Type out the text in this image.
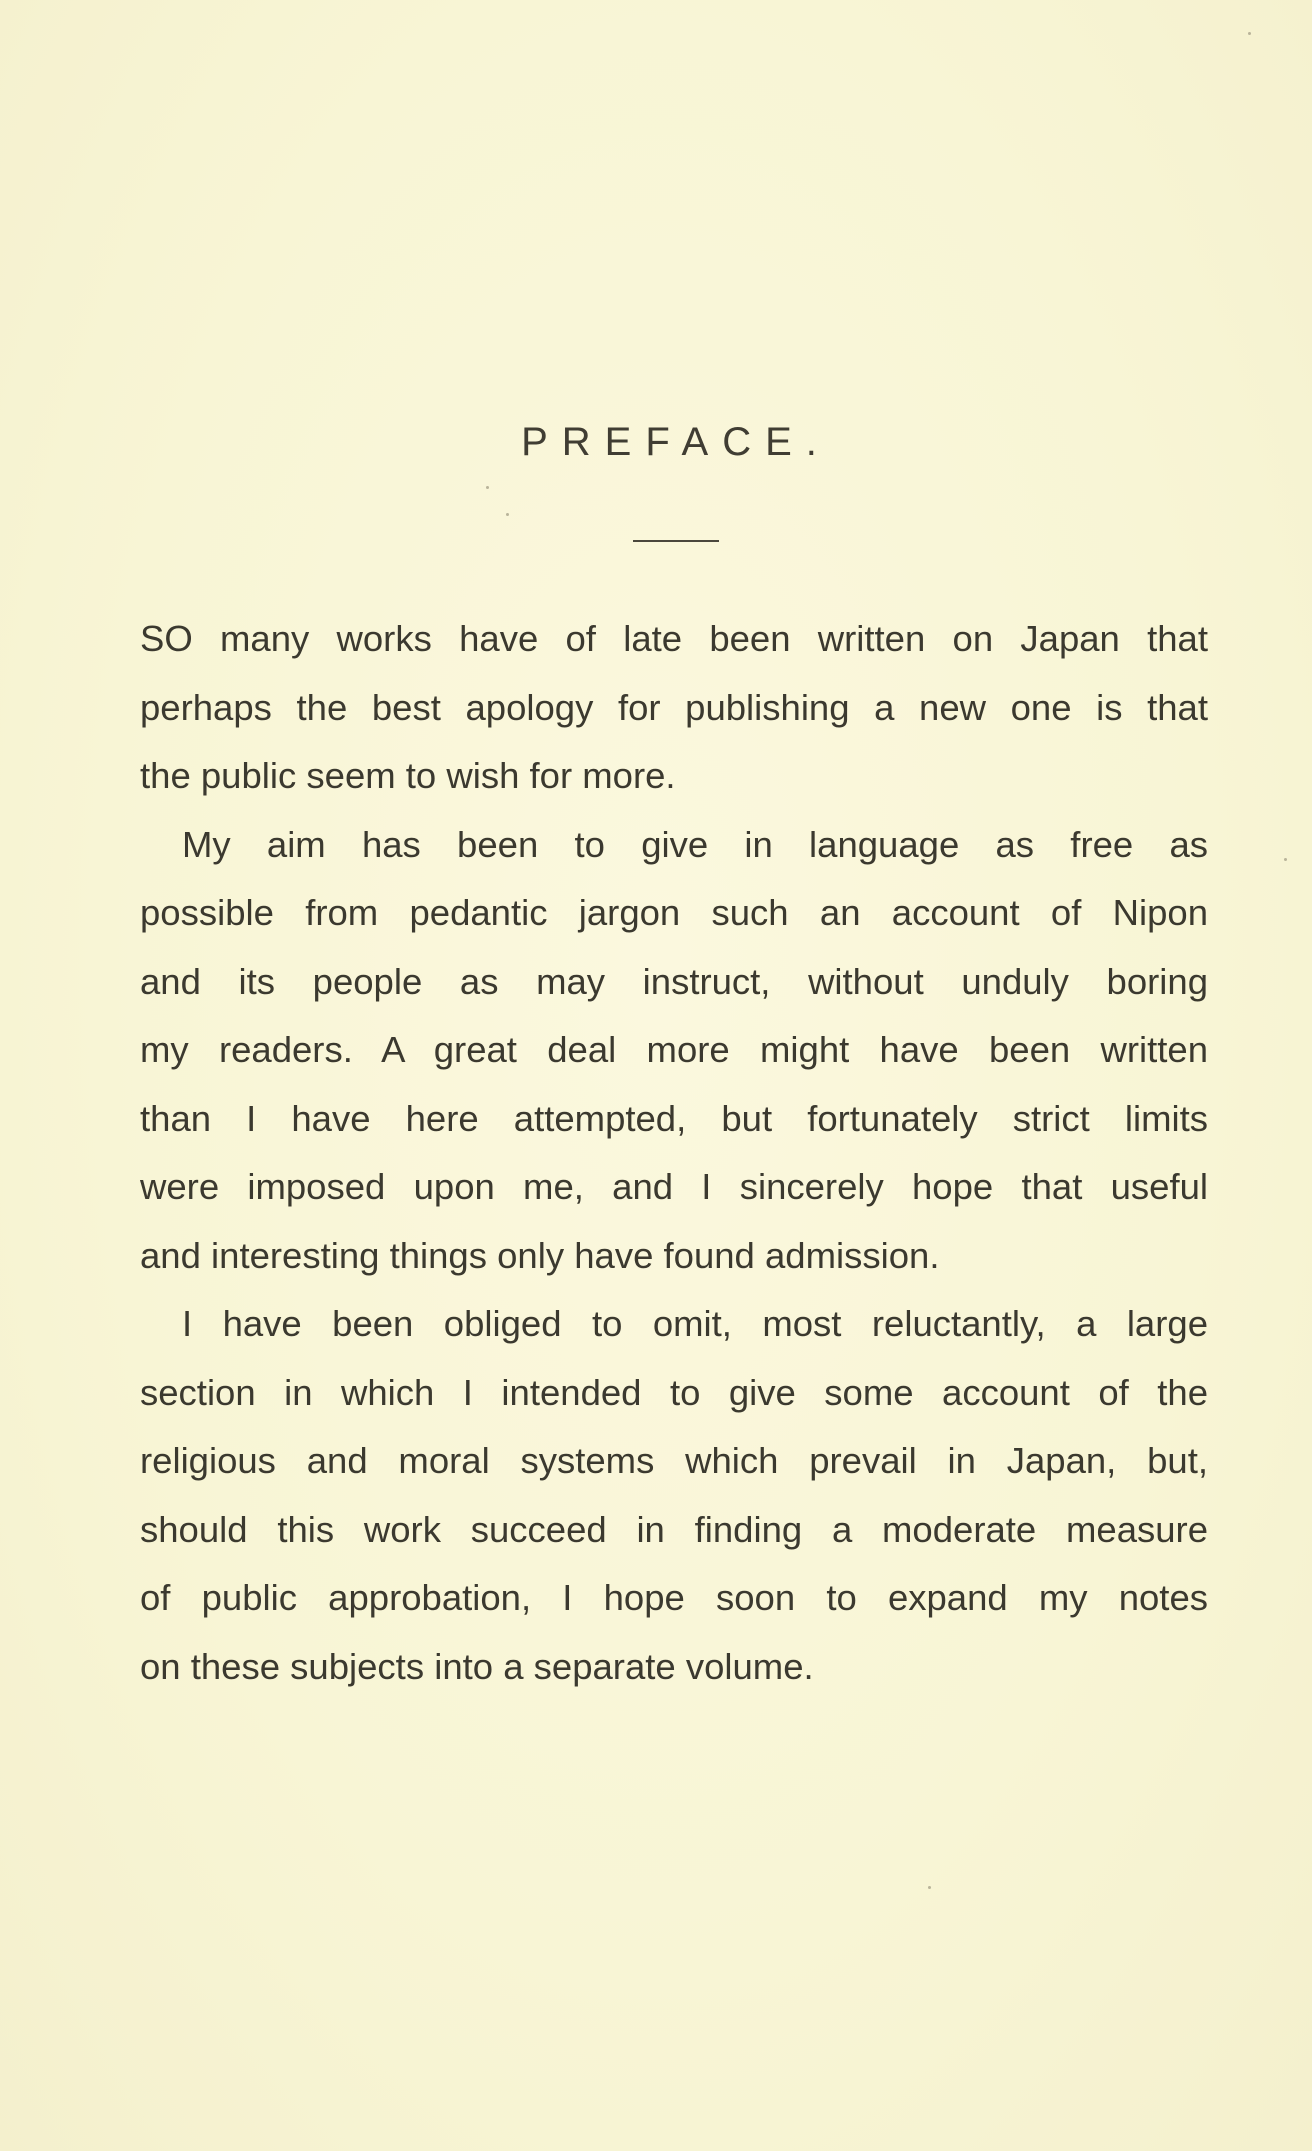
PREFACE.
SO many works have of late been written on Japan that
perhaps the best apology for publishing a new one is that
the public seem to wish for more.
My aim has been to give in language as free as
possible from pedantic jargon such an account of Nipon
and its people as may instruct, without unduly boring
my readers. A great deal more might have been written
than I have here attempted, but fortunately strict limits
were imposed upon me, and I sincerely hope that useful
and interesting things only have found admission.
I have been obliged to omit, most reluctantly, a large
section in which I intended to give some account of the
religious and moral systems which prevail in Japan, but,
should this work succeed in finding a moderate measure
of public approbation, I hope soon to expand my notes
on these subjects into a separate volume.
